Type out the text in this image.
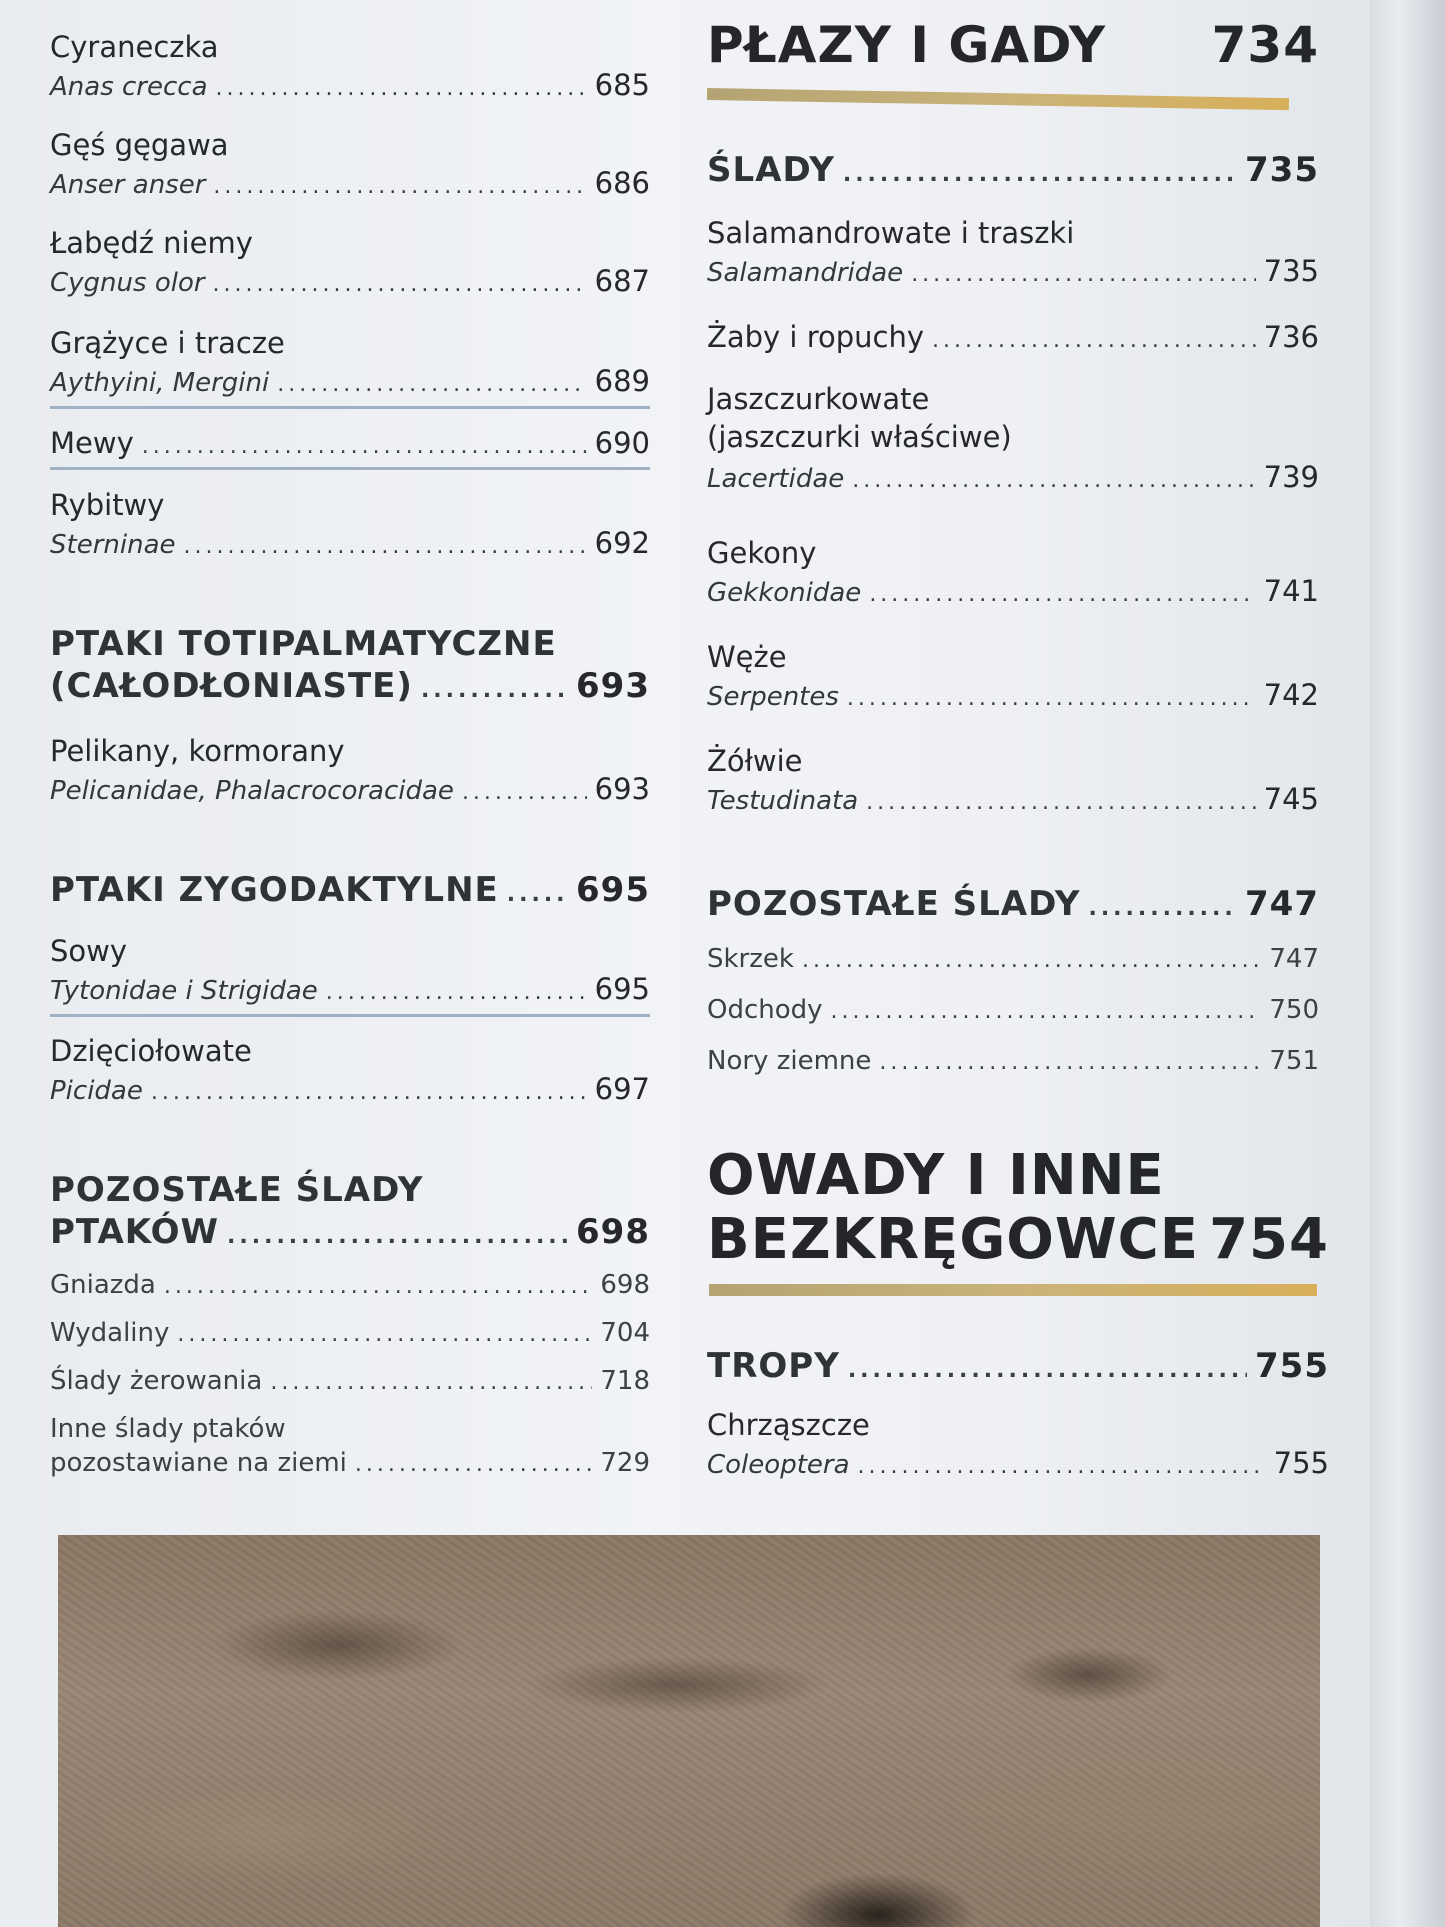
Cyraneczka
Anas crecca .....	685
Gęś gęgawa
Anser anser .....	686
Łabędź niemy
Cygnus olor .....	687
Grążyce i tracze
Aythyini, Mergini .....	689
Mewy .....	690
Rybitwy
Sterninae .....	692
PTAKI TOTIPALMATYCZNE
(CAŁODŁONIASTE) .....	693
Pelikany, kormorany
Pelicanidae, Phalacrocoracidae .....	693
PTAKI ZYGODAKTYLNE ..... 695
Sowy
Tytonidae i Strigidae .....	695
Dzięciołowate
Picidae .....	697
POZOSTAŁE ŚLADY
PTAKÓW .....	698
Gniazda .....	698
Wydaliny .....	704
Ślady żerowania .....	718
Inne ślady ptaków
pozostawiane na ziemi .....	729
PŁAZY I GADY 734
ŚLADY .....	735
Salamandrowate i traszki
Salamandridae .....	735
Żaby i ropuchy .....	736
Jaszczurkowate
(jaszczurki właściwe)
Lacertidae .....	739
Gekony
Gekkonidae .....	741
Węże
Serpentes .....	742
Żółwie
Testudinata .....	745
POZOSTAŁE ŚLADY .....	747
Skrzek .....	747
Odchody .....	750
Nory ziemne .....	751
OWADY I INNE
BEZKRĘGOWCE 754
TROPY .....	755
Chrząszcze
Coleoptera .....	755
